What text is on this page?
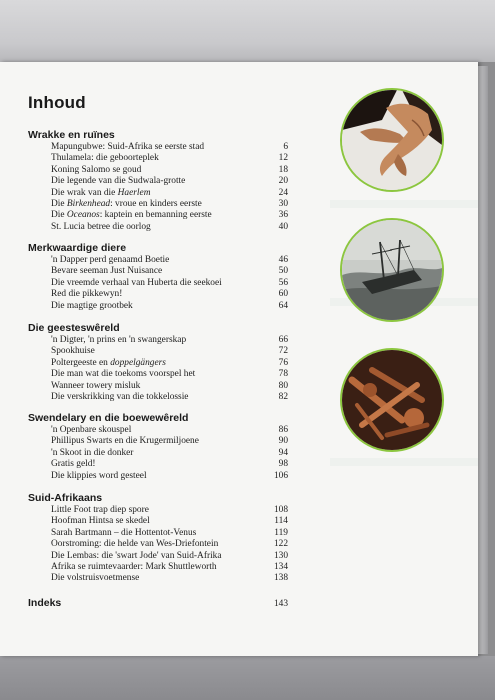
Inhoud
Wrakke en ruïnes
Mapungubwe: Suid-Afrika se eerste stad	6
Thulamela: die geboorteplek	12
Koning Salomo se goud	18
Die legende van die Sudwala-grotte	20
Die wrak van die Haerlem	24
Die Birkenhead: vroue en kinders eerste	30
Die Oceanos: kaptein en bemanning eerste	36
St. Lucia betree die oorlog	40
Merkwaardige diere
'n Dapper perd genaamd Boetie	46
Bevare seeman Just Nuisance	50
Die vreemde verhaal van Huberta die seekoei	56
Red die pikkewyn!	60
Die magtige grootbek	64
Die geesteswêreld
'n Digter, 'n prins en 'n swangerskap	66
Spookhuise	72
Poltergeeste en doppelgängers	76
Die man wat die toekoms voorspel het	78
Wanneer towery misluk	80
Die verskrikking van die tokkelossie	82
Swendelary en die boewewêreld
'n Openbare skouspel	86
Phillipus Swarts en die Krugermiljoene	90
'n Skoot in die donker	94
Gratis geld!	98
Die klippies word gesteel	106
Suid-Afrikaans
Little Foot trap diep spore	108
Hoofman Hintsa se skedel	114
Sarah Bartmann – die Hottentot-Venus	119
Oorstroming: die helde van Wes-Driefontein	122
Die Lembas: die 'swart Jode' van Suid-Afrika	130
Afrika se ruimtevaarder: Mark Shuttleworth	134
Die volstruisvoetmense	138
Indeks	143
